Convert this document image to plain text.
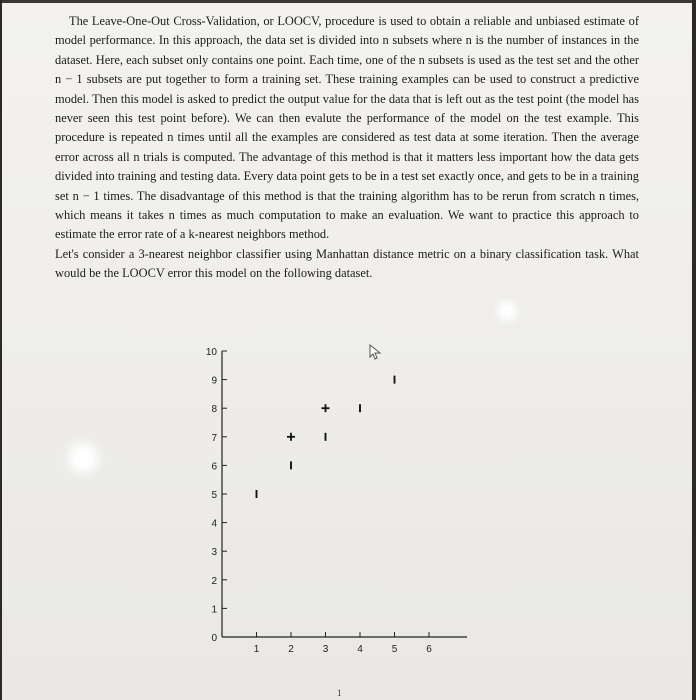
The Leave-One-Out Cross-Validation, or LOOCV, procedure is used to obtain a reliable and unbiased estimate of model performance. In this approach, the data set is divided into n subsets where n is the number of instances in the dataset. Here, each subset only contains one point. Each time, one of the n subsets is used as the test set and the other n − 1 subsets are put together to form a training set. These training examples can be used to construct a predictive model. Then this model is asked to predict the output value for the data that is left out as the test point (the model has never seen this test point before). We can then evalute the performance of the model on the test example. This procedure is repeated n times until all the examples are considered as test data at some iteration. Then the average error across all n trials is computed. The advantage of this method is that it matters less important how the data gets divided into training and testing data. Every data point gets to be in a test set exactly once, and gets to be in a training set n − 1 times. The disadvantage of this method is that the training algorithm has to be rerun from scratch n times, which means it takes n times as much computation to make an evaluation. We want to practice this approach to estimate the error rate of a k-nearest neighbors method.

Let's consider a 3-nearest neighbor classifier using Manhattan distance metric on a binary classification task. What would be the LOOCV error this model on the following dataset.

0
1
2
3
4
5
6
7
8
9
10
1	2	3	4	5	6
1
